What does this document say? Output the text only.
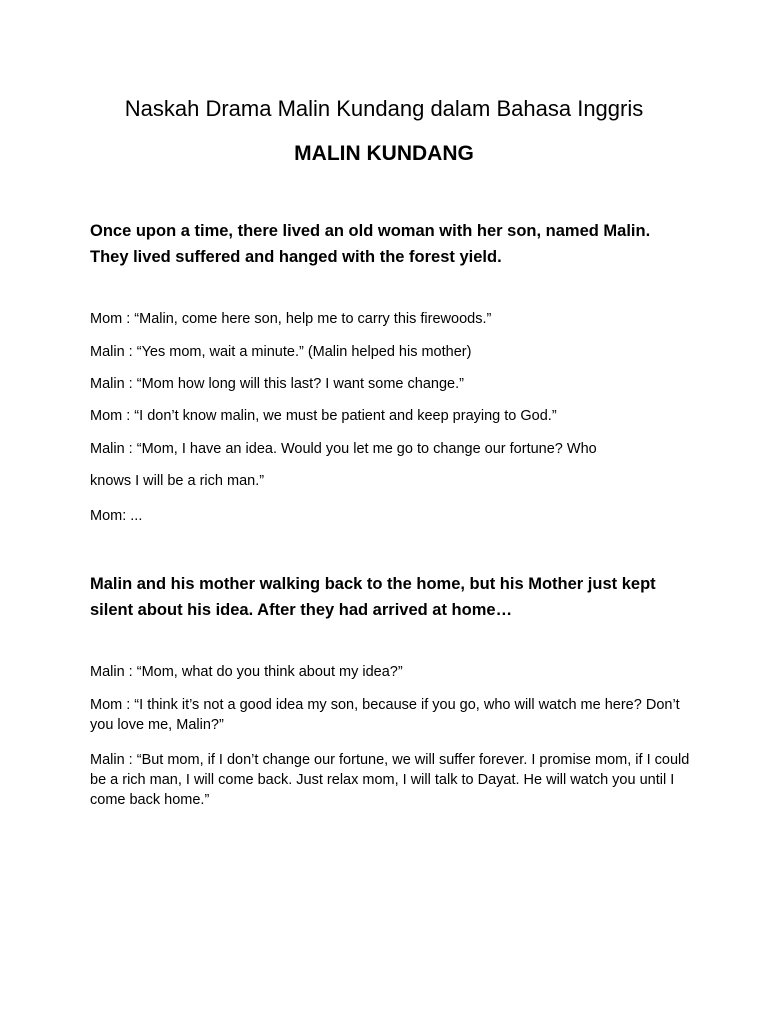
Naskah Drama Malin Kundang dalam Bahasa Inggris
MALIN KUNDANG

Once upon a time, there lived an old woman with her son, named Malin. They lived suffered and hanged with the forest yield.

Mom : “Malin, come here son, help me to carry this firewoods.”

Malin : “Yes mom, wait a minute.” (Malin helped his mother)

Malin : “Mom how long will this last? I want some change.”

Mom : “I don’t know malin, we must be patient and keep praying to God.”

Malin : “Mom, I have an idea. Would you let me go to change our fortune? Who

knows I will be a rich man.”

Mom: ...

Malin and his mother walking back to the home, but his Mother just kept silent about his idea. After they had arrived at home…

Malin : “Mom, what do you think about my idea?”

Mom : “I think it’s not a good idea my son, because if you go, who will watch me here? Don’t you love me, Malin?”

Malin : “But mom, if I don’t change our fortune, we will suffer forever. I promise mom, if I could be a rich man, I will come back. Just relax mom, I will talk to Dayat. He will watch you until I come back home.”
